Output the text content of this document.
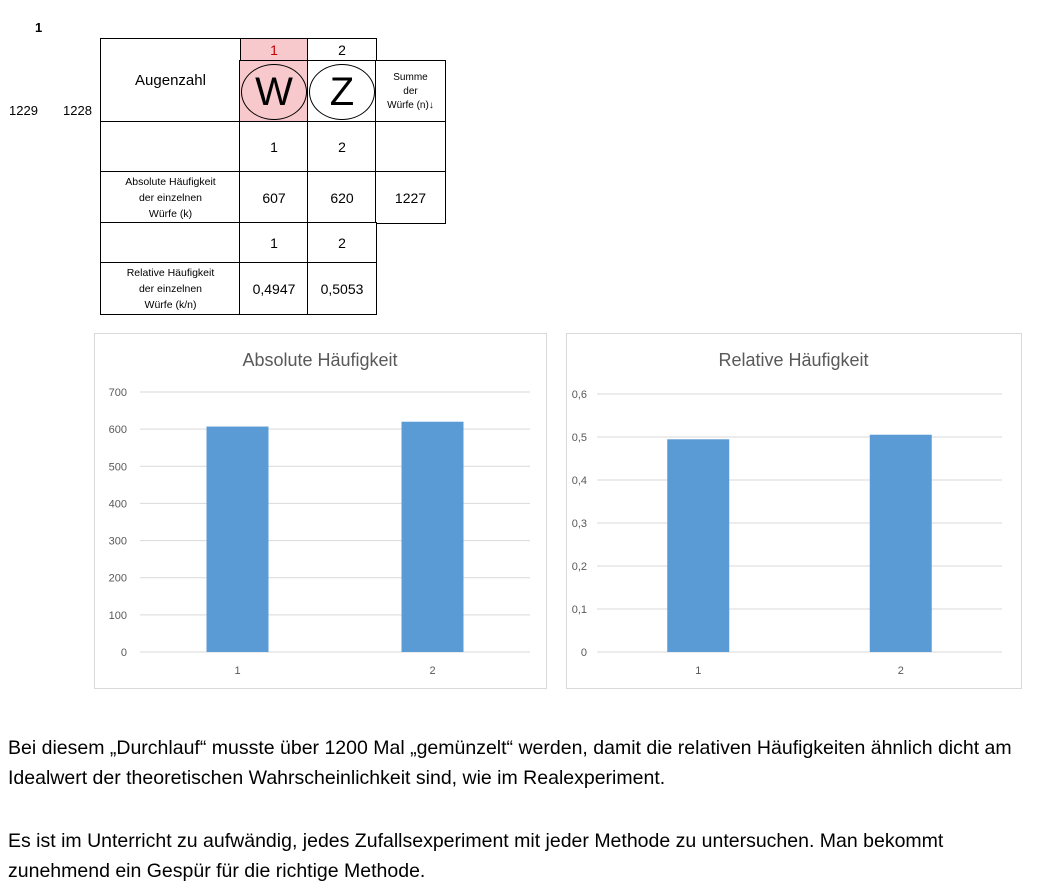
1
1229 1228
1	2
Augenzahl	W Z	Summe
der
Würfe (n)↓
1	2
Absolute Häufigkeit
der einzelnen
Würfe (k)
607	620	1227
1	2
Relative Häufigkeit
der einzelnen
Würfe (k/n)
0,4947	0,5053
Absolute Häufigkeit
0
100
200
300
400
500
600
700
1	2
Relative Häufigkeit
0
0,1
0,2
0,3
0,4
0,5
0,6
1	2
Bei diesem „Durchlauf“ musste über 1200 Mal „gemünzelt“ werden, damit die relativen Häufigkeiten ähnlich dicht am Idealwert der theoretischen Wahrscheinlichkeit sind, wie im Realexperiment.
Es ist im Unterricht zu aufwändig, jedes Zufallsexperiment mit jeder Methode zu untersuchen. Man bekommt zunehmend ein Gespür für die richtige Methode.
